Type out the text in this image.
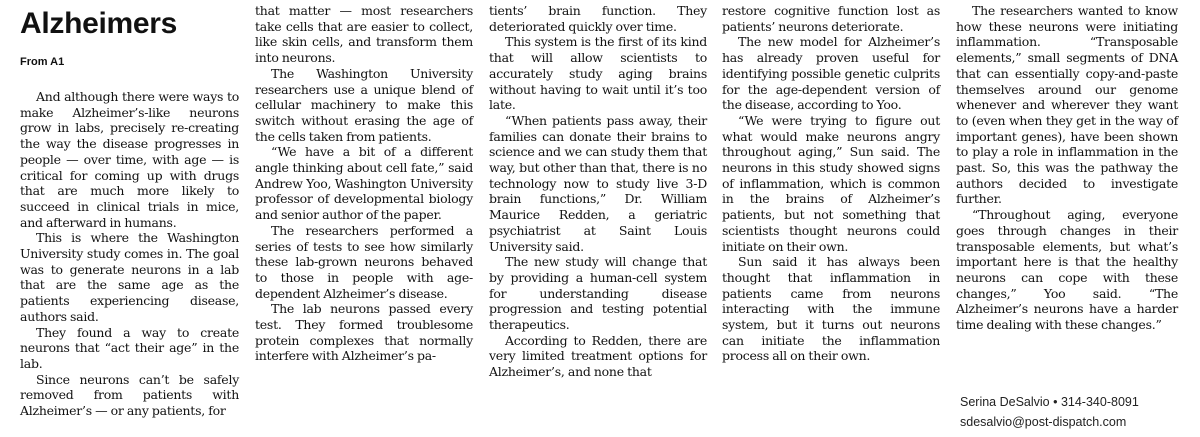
Alzheimers
From A1

And although there were ways to make Alzheimer’s-like neurons grow in labs, precisely re-creating the way the disease progresses in people — over time, with age — is critical for coming up with drugs that are much more likely to succeed in clinical trials in mice, and afterward in humans.

This is where the Washington University study comes in. The goal was to generate neurons in a lab that are the same age as the patients experiencing disease, authors said.

They found a way to create neurons that “act their age” in the lab.

Since neurons can’t be safely removed from patients with Alzheimer’s — or any patients, for

that matter — most researchers take cells that are easier to collect, like skin cells, and transform them into neurons.

The Washington University researchers use a unique blend of cellular machinery to make this switch without erasing the age of the cells taken from patients.

“We have a bit of a different angle thinking about cell fate,” said Andrew Yoo, Washington University professor of developmental biology and senior author of the paper.

The researchers performed a series of tests to see how similarly these lab-grown neurons behaved to those in people with age-dependent Alzheimer’s disease.

The lab neurons passed every test. They formed troublesome protein complexes that normally interfere with Alzheimer’s pa-

tients’ brain function. They deteriorated quickly over time.

This system is the first of its kind that will allow scientists to accurately study aging brains without having to wait until it’s too late.

“When patients pass away, their families can donate their brains to science and we can study them that way, but other than that, there is no technology now to study live 3-D brain functions,” Dr. William Maurice Redden, a geriatric psychiatrist at Saint Louis University said.

The new study will change that by providing a human-cell system for understanding disease progression and testing potential therapeutics.

According to Redden, there are very limited treatment options for Alzheimer’s, and none that

restore cognitive function lost as patients’ neurons deteriorate.

The new model for Alzheimer’s has already proven useful for identifying possible genetic culprits for the age-dependent version of the disease, according to Yoo.

“We were trying to figure out what would make neurons angry throughout aging,” Sun said. The neurons in this study showed signs of inflammation, which is common in the brains of Alzheimer’s patients, but not something that scientists thought neurons could initiate on their own.

Sun said it has always been thought that inflammation in patients came from neurons interacting with the immune system, but it turns out neurons can initiate the inflammation process all on their own.

The researchers wanted to know how these neurons were initiating inflammation. “Transposable elements,” small segments of DNA that can essentially copy-and-paste themselves around our genome whenever and wherever they want to (even when they get in the way of important genes), have been shown to play a role in inflammation in the past. So, this was the pathway the authors decided to investigate further.

“Throughout aging, everyone goes through changes in their transposable elements, but what’s important here is that the healthy neurons can cope with these changes,” Yoo said. “The Alzheimer’s neurons have a harder time dealing with these changes.”

Serina DeSalvio • 314-340-8091
sdesalvio@post-dispatch.com
